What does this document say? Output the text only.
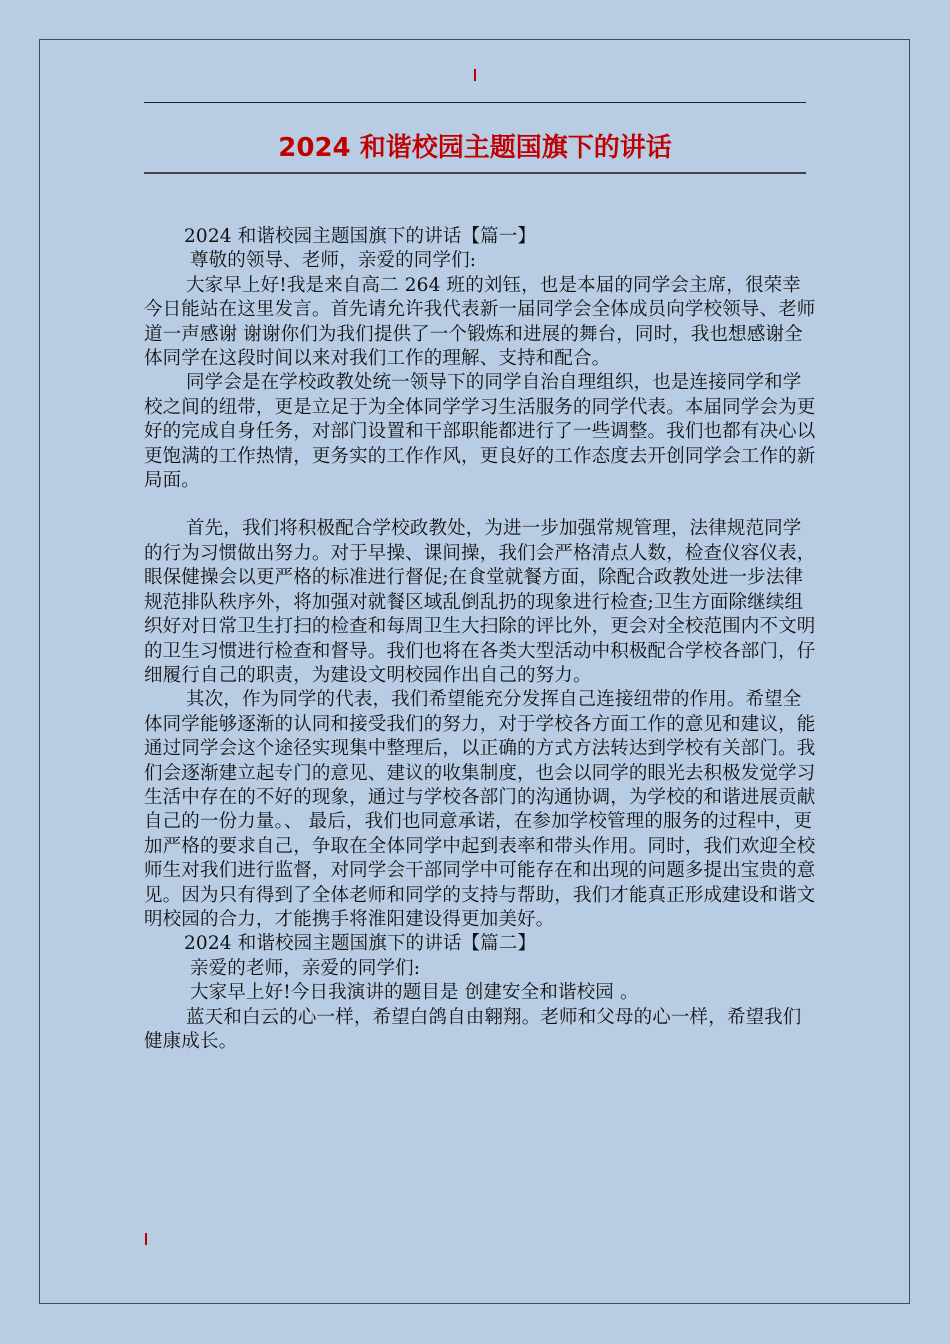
2024 和谐校园主题国旗下的讲话

2024 和谐校园主题国旗下的讲话【篇一】

尊敬的领导、老师，亲爱的同学们:

大家早上好!我是来自高二 264 班的刘钰，也是本届的同学会主席，很荣幸今日能站在这里发言。首先请允许我代表新一届同学会全体成员向学校领导、老师道一声感谢 谢谢你们为我们提供了一个锻炼和进展的舞台，同时，我也想感谢全体同学在这段时间以来对我们工作的理解、支持和配合。

同学会是在学校政教处统一领导下的同学自治自理组织，也是连接同学和学校之间的纽带，更是立足于为全体同学学习生活服务的同学代表。本届同学会为更好的完成自身任务，对部门设置和干部职能都进行了一些调整。我们也都有决心以更饱满的工作热情，更务实的工作作风，更良好的工作态度去开创同学会工作的新局面。

首先，我们将积极配合学校政教处，为进一步加强常规管理，法律规范同学的行为习惯做出努力。对于早操、课间操，我们会严格清点人数，检查仪容仪表，眼保健操会以更严格的标准进行督促;在食堂就餐方面，除配合政教处进一步法律规范排队秩序外，将加强对就餐区域乱倒乱扔的现象进行检查;卫生方面除继续组织好对日常卫生打扫的检查和每周卫生大扫除的评比外，更会对全校范围内不文明的卫生习惯进行检查和督导。我们也将在各类大型活动中积极配合学校各部门，仔细履行自己的职责，为建设文明校园作出自己的努力。

其次，作为同学的代表，我们希望能充分发挥自己连接纽带的作用。希望全体同学能够逐渐的认同和接受我们的努力，对于学校各方面工作的意见和建议，能通过同学会这个途径实现集中整理后，以正确的方式方法转达到学校有关部门。我们会逐渐建立起专门的意见、建议的收集制度，也会以同学的眼光去积极发觉学习生活中存在的不好的现象，通过与学校各部门的沟通协调，为学校的和谐进展贡献自己的一份力量。、 最后，我们也同意承诺，在参加学校管理的服务的过程中，更加严格的要求自己，争取在全体同学中起到表率和带头作用。同时，我们欢迎全校师生对我们进行监督，对同学会干部同学中可能存在和出现的问题多提出宝贵的意见。因为只有得到了全体老师和同学的支持与帮助，我们才能真正形成建设和谐文明校园的合力，才能携手将淮阳建设得更加美好。

2024 和谐校园主题国旗下的讲话【篇二】

亲爱的老师，亲爱的同学们:

大家早上好!今日我演讲的题目是 创建安全和谐校园 。

蓝天和白云的心一样，希望白鸽自由翱翔。老师和父母的心一样，希望我们健康成长。
